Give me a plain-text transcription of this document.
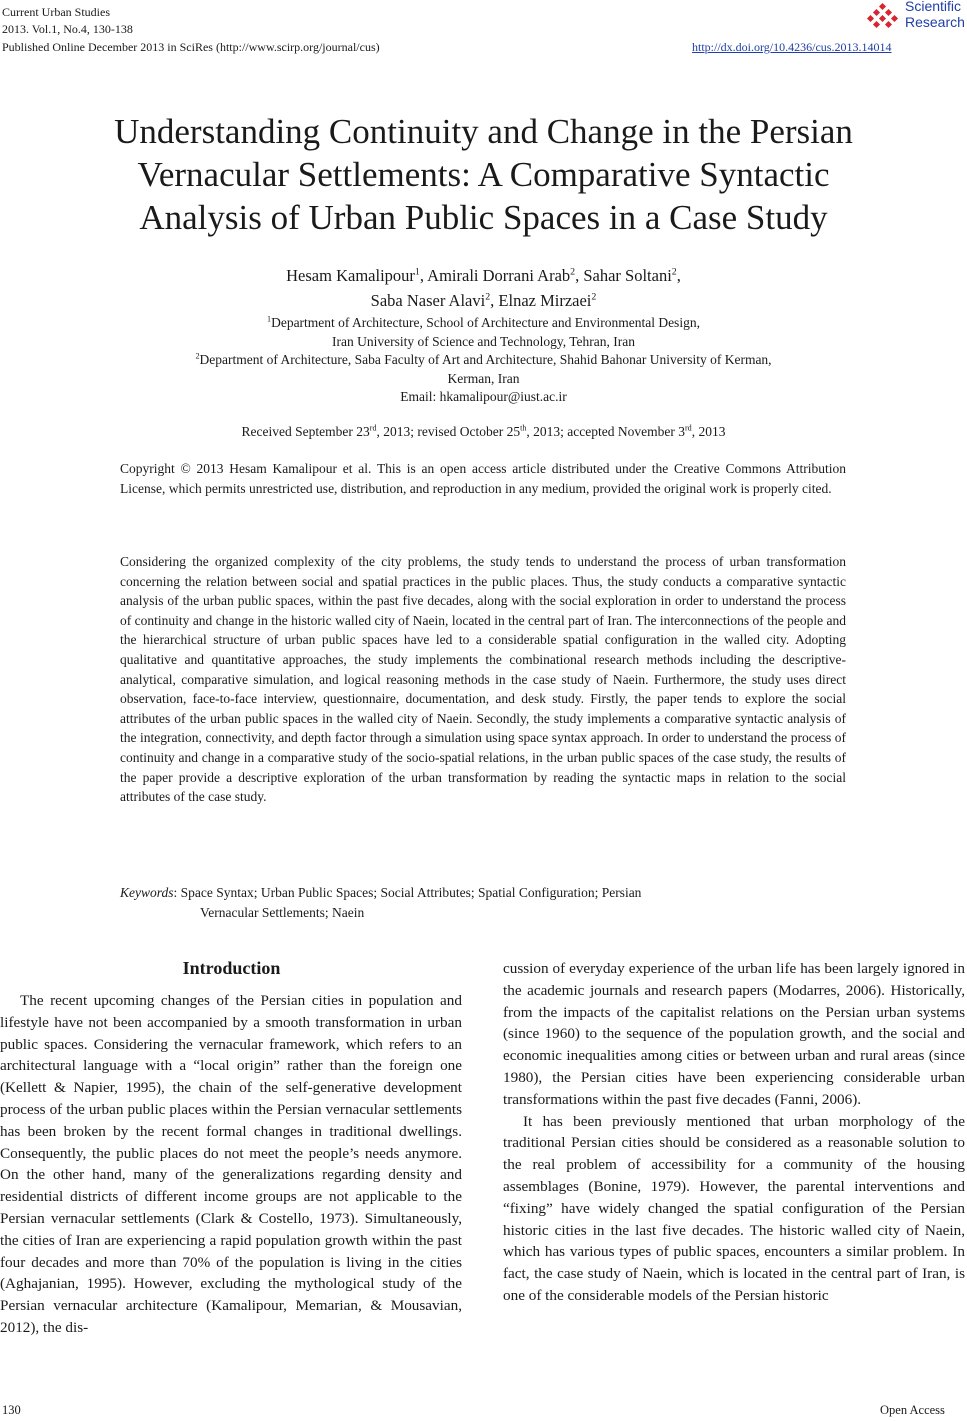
Current Urban Studies
2013. Vol.1, No.4, 130-138
Published Online December 2013 in SciRes (http://www.scirp.org/journal/cus)	http://dx.doi.org/10.4236/cus.2013.14014
Scientific
Research
Understanding Continuity and Change in the Persian
Vernacular Settlements: A Comparative Syntactic
Analysis of Urban Public Spaces in a Case Study
Hesam Kamalipour$^1$, Amirali Dorrani Arab$^2$, Sahar Soltani$^2$,
Saba Naser Alavi$^2$, Elnaz Mirzaei$^2$
$^1$Department of Architecture, School of Architecture and Environmental Design,
Iran University of Science and Technology, Tehran, Iran
$^2$Department of Architecture, Saba Faculty of Art and Architecture, Shahid Bahonar University of Kerman,
Kerman, Iran
Email: hkamalipour@iust.ac.ir
Received September 23rd, 2013; revised October 25th, 2013; accepted November 3rd, 2013
Copyright © 2013 Hesam Kamalipour et al. This is an open access article distributed under the Creative Commons Attribution License, which permits unrestricted use, distribution, and reproduction in any medium, provided the original work is properly cited.
Considering the organized complexity of the city problems, the study tends to understand the process of urban transformation concerning the relation between social and spatial practices in the public places. Thus, the study conducts a comparative syntactic analysis of the urban public spaces, within the past five decades, along with the social exploration in order to understand the process of continuity and change in the historic walled city of Naein, located in the central part of Iran. The interconnections of the people and the hierarchical structure of urban public spaces have led to a considerable spatial configuration in the walled city. Adopting qualitative and quantitative approaches, the study implements the combinational research methods including the descriptive-analytical, comparative simulation, and logical reasoning methods in the case study of Naein. Furthermore, the study uses direct observation, face-to-face interview, questionnaire, documentation, and desk study. Firstly, the paper tends to explore the social attributes of the urban public spaces in the walled city of Naein. Secondly, the study implements a comparative syntactic analysis of the integration, connectivity, and depth factor through a simulation using space syntax approach. In order to understand the process of continuity and change in a comparative study of the socio-spatial relations, in the urban public spaces of the case study, the results of the paper provide a descriptive exploration of the urban transformation by reading the syntactic maps in relation to the social attributes of the case study.
Keywords: Space Syntax; Urban Public Spaces; Social Attributes; Spatial Configuration; Persian
Vernacular Settlements; Naein
Introduction

The recent upcoming changes of the Persian cities in population and lifestyle have not been accompanied by a smooth transformation in urban public spaces. Considering the vernacular framework, which refers to an architectural language with a “local origin” rather than the foreign one (Kellett & Napier, 1995), the chain of the self-generative development process of the urban public places within the Persian vernacular settlements has been broken by the recent formal changes in traditional dwellings. Consequently, the public places do not meet the people’s needs anymore. On the other hand, many of the generalizations regarding density and residential districts of different income groups are not applicable to the Persian vernacular settlements (Clark & Costello, 1973). Simultaneously, the cities of Iran are experiencing a rapid population growth within the past four decades and more than 70% of the population is living in the cities (Aghajanian, 1995). However, excluding the mythological study of the Persian vernacular architecture (Kamalipour, Memarian, & Mousavian, 2012), the dis-

cussion of everyday experience of the urban life has been largely ignored in the academic journals and research papers (Modarres, 2006). Historically, from the impacts of the capitalist relations on the Persian urban systems (since 1960) to the sequence of the population growth, and the social and economic inequalities among cities or between urban and rural areas (since 1980), the Persian cities have been experiencing considerable urban transformations within the past five decades (Fanni, 2006).

It has been previously mentioned that urban morphology of the traditional Persian cities should be considered as a reasonable solution to the real problem of accessibility for a community of the housing assemblages (Bonine, 1979). However, the parental interventions and “fixing” have widely changed the spatial configuration of the Persian historic cities in the last five decades. The historic walled city of Naein, which has various types of public spaces, encounters a similar problem. In fact, the case study of Naein, which is located in the central part of Iran, is one of the considerable models of the Persian historic

130	Open Access
